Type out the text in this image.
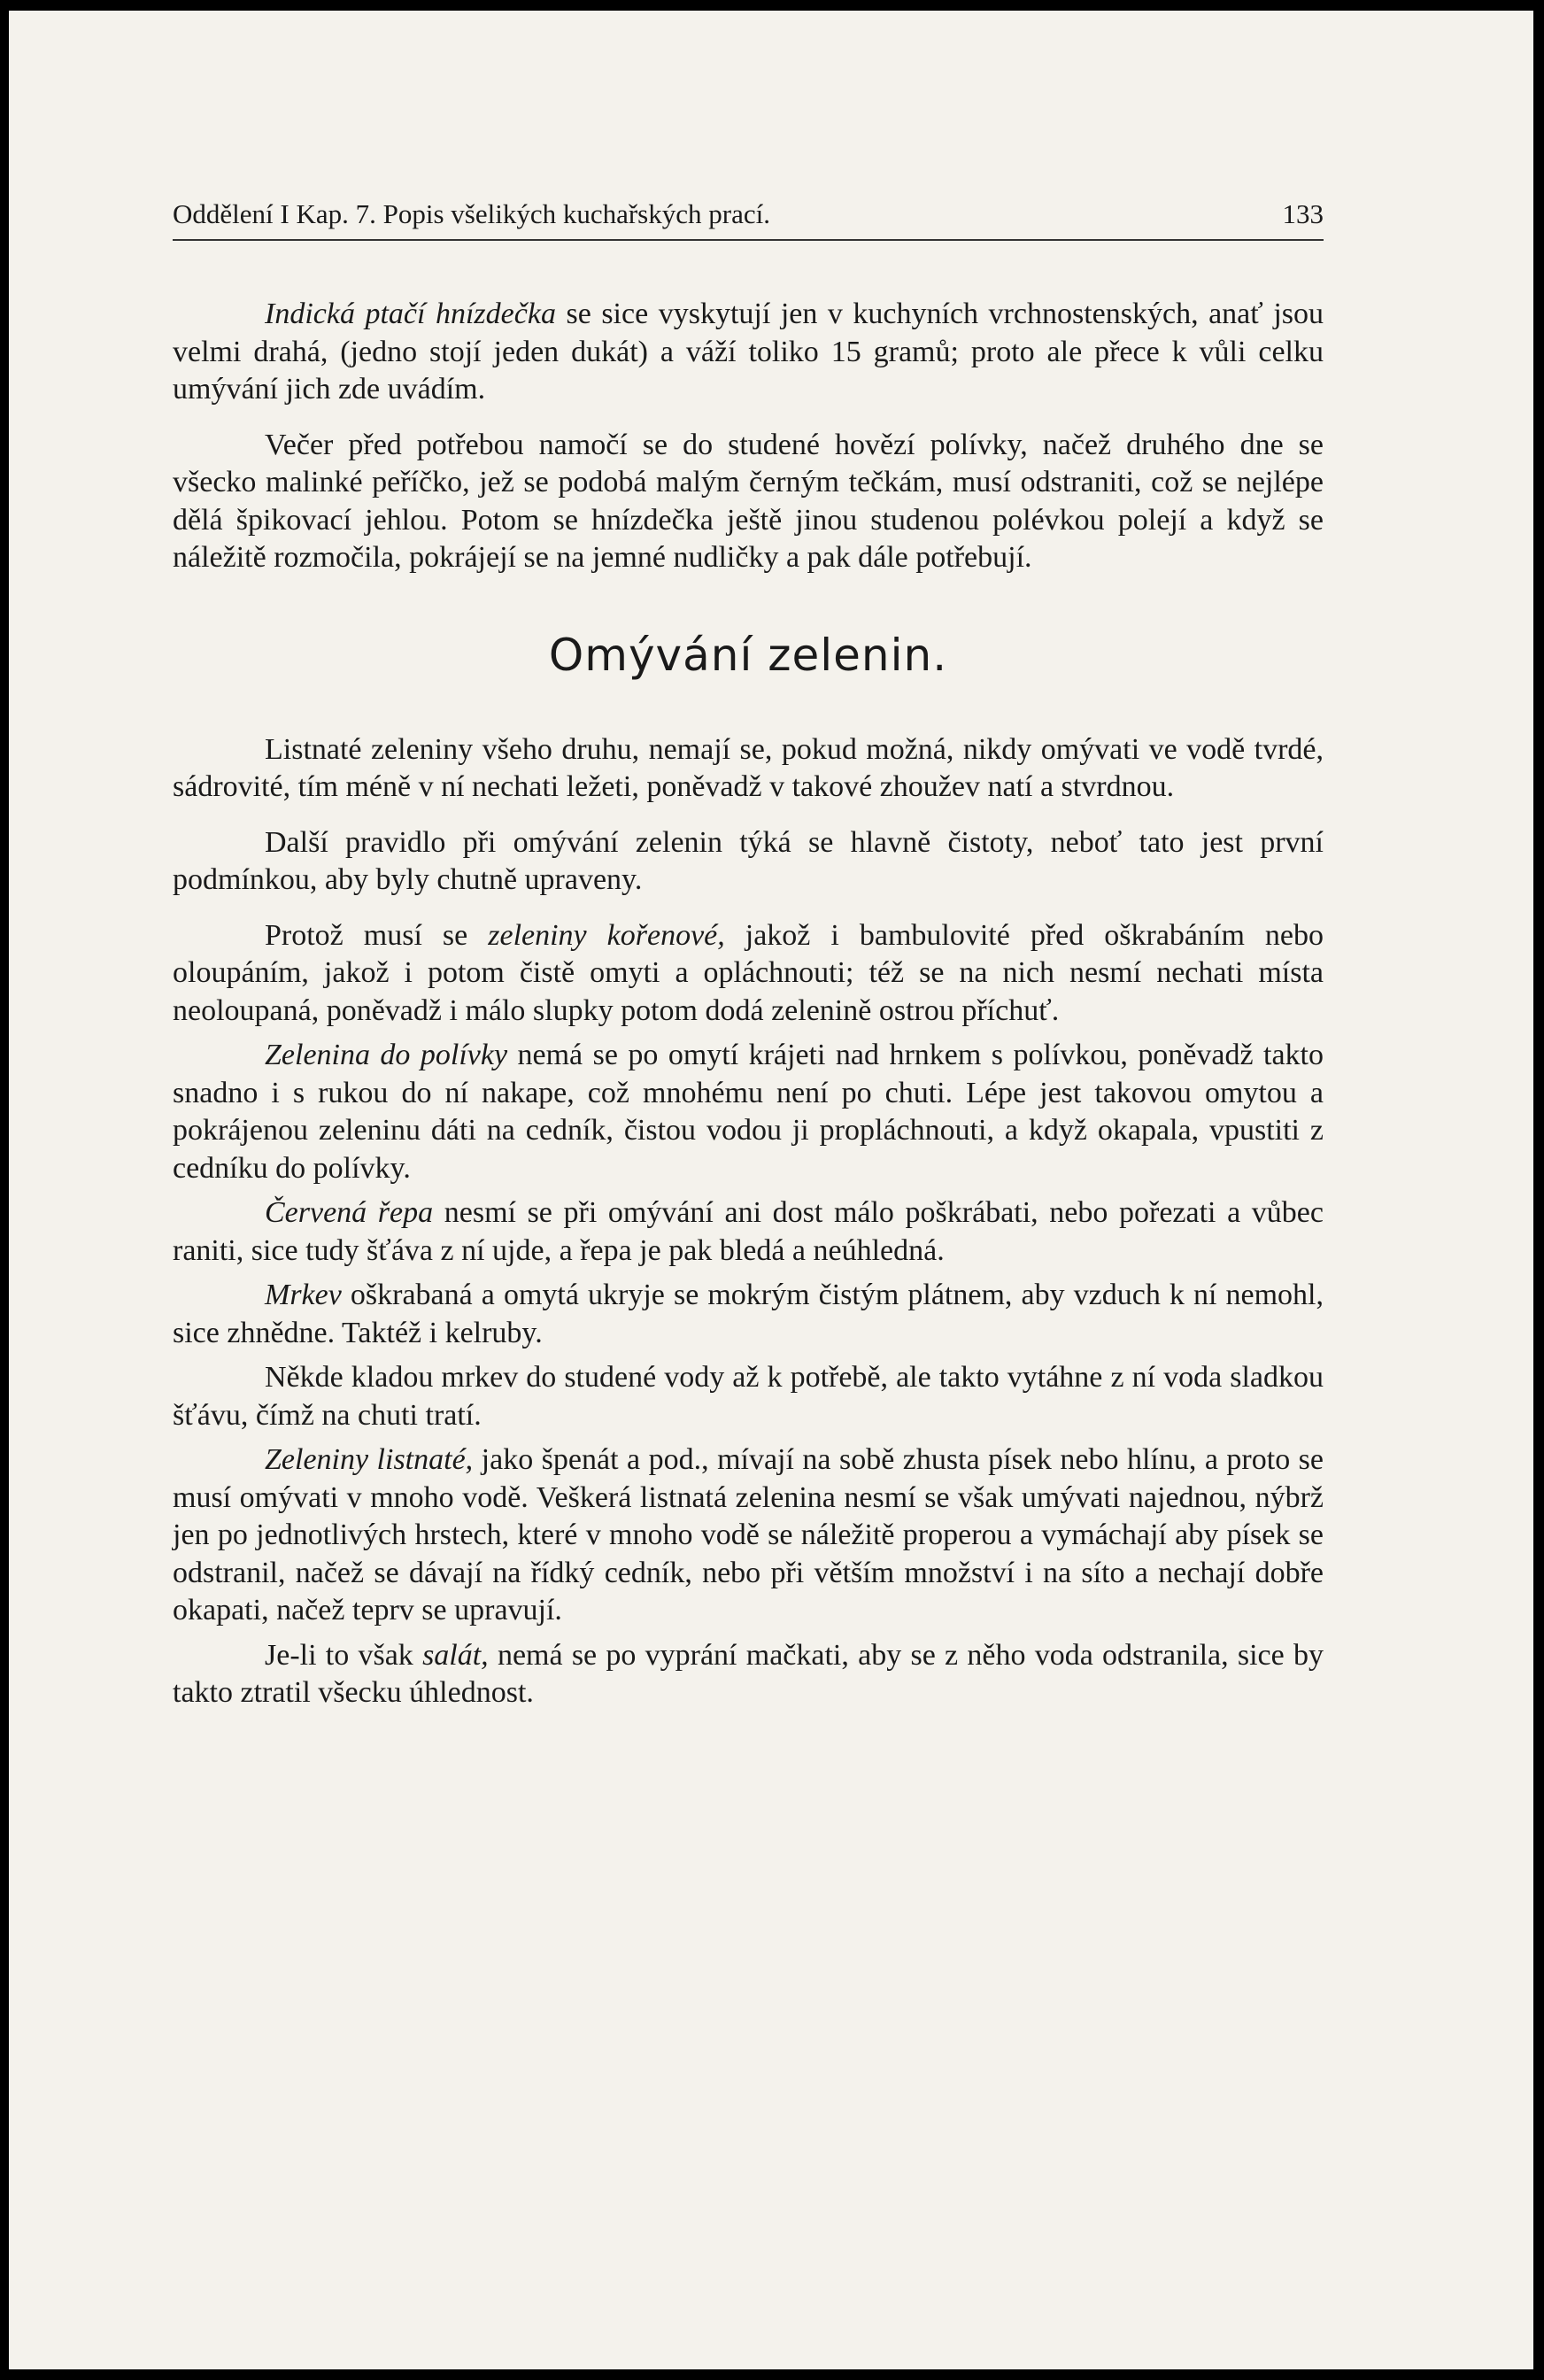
Oddělení I Kap. 7. Popis všelikých kuchařských prací.	133

Indická ptačí hnízdečka se sice vyskytují jen v kuchyních vrchnostenských, anať jsou velmi drahá, (jedno stojí jeden dukát) a váží toliko 15 gramů; proto ale přece k vůli celku umývání jich zde uvádím.

Večer před potřebou namočí se do studené hovězí polívky, načež druhého dne se všecko malinké peříčko, jež se podobá malým černým tečkám, musí odstraniti, což se nejlépe dělá špikovací jehlou. Potom se hnízdečka ještě jinou studenou polévkou polejí a když se náležitě rozmočila, pokrájejí se na jemné nudličky a pak dále potřebují.

Omývání zelenin.

Listnaté zeleniny všeho druhu, nemají se, pokud možná, nikdy omývati ve vodě tvrdé, sádrovité, tím méně v ní nechati ležeti, poněvadž v takové zhoužev natí a stvrdnou.

Další pravidlo při omývání zelenin týká se hlavně čistoty, neboť tato jest první podmínkou, aby byly chutně upraveny.

Protož musí se zeleniny kořenové, jakož i bambulovité před oškrabáním nebo oloupáním, jakož i potom čistě omyti a opláchnouti; též se na nich nesmí nechati místa neoloupaná, poněvadž i málo slupky potom dodá zelenině ostrou příchuť.

Zelenina do polívky nemá se po omytí krájeti nad hrnkem s polívkou, poněvadž takto snadno i s rukou do ní nakape, což mnohému není po chuti. Lépe jest takovou omytou a pokrájenou zeleninu dáti na cedník, čistou vodou ji propláchnouti, a když okapala, vpustiti z cedníku do polívky.

Červená řepa nesmí se při omývání ani dost málo poškrábati, nebo pořezati a vůbec raniti, sice tudy šťáva z ní ujde, a řepa je pak bledá a neúhledná.

Mrkev oškrabaná a omytá ukryje se mokrým čistým plátnem, aby vzduch k ní nemohl, sice zhnědne. Taktéž i kelruby.

Někde kladou mrkev do studené vody až k potřebě, ale takto vytáhne z ní voda sladkou šťávu, čímž na chuti tratí.

Zeleniny listnaté, jako špenát a pod., mívají na sobě zhusta písek nebo hlínu, a proto se musí omývati v mnoho vodě. Veškerá listnatá zelenina nesmí se však umývati najednou, nýbrž jen po jednotlivých hrstech, které v mnoho vodě se náležitě properou a vymáchají aby písek se odstranil, načež se dávají na řídký cedník, nebo při větším množství i na síto a nechají dobře okapati, načež teprv se upravují.

Je-li to však salát, nemá se po vyprání mačkati, aby se z něho voda odstranila, sice by takto ztratil všecku úhlednost.
